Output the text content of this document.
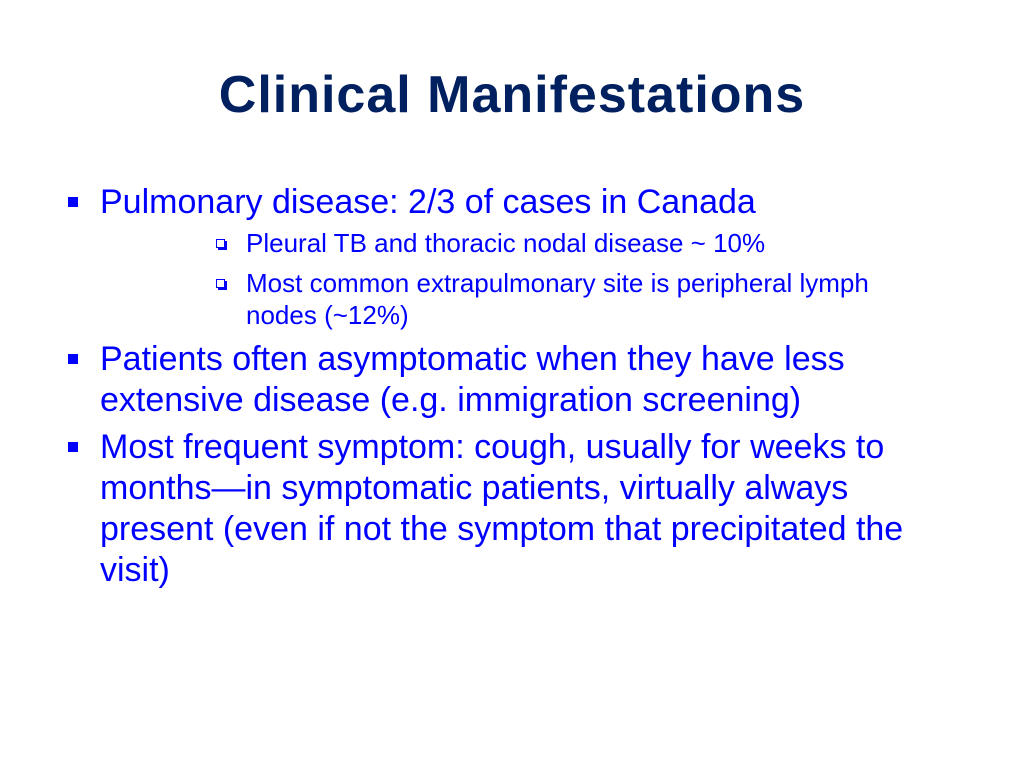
Clinical Manifestations
Pulmonary disease: 2/3 of cases in Canada
Pleural TB and thoracic nodal disease ~ 10%
Most common extrapulmonary site is peripheral lymph nodes (~12%)
Patients often asymptomatic when they have less extensive disease (e.g. immigration screening)
Most frequent symptom: cough, usually for weeks to months—in symptomatic patients, virtually always present (even if not the symptom that precipitated the visit)
